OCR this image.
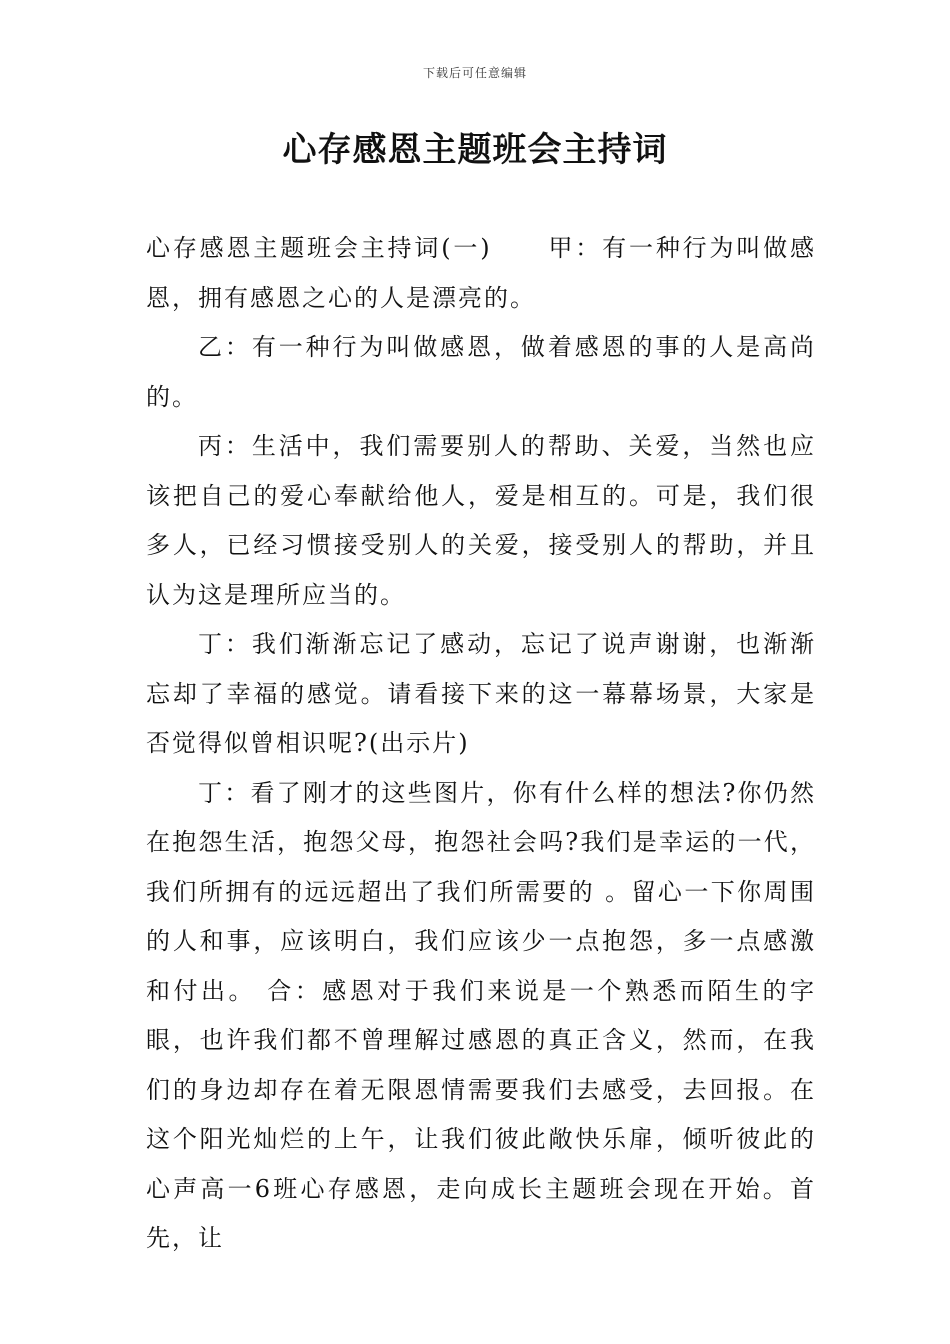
下载后可任意编辑
心存感恩主题班会主持词

心存感恩主题班会主持词(一) 甲：有一种行为叫做感恩，拥有感恩之心的人是漂亮的。

乙：有一种行为叫做感恩，做着感恩的事的人是高尚的。

丙：生活中，我们需要别人的帮助、关爱，当然也应该把自己的爱心奉献给他人，爱是相互的。可是，我们很多人，已经习惯接受别人的关爱，接受别人的帮助，并且认为这是理所应当的。

丁：我们渐渐忘记了感动，忘记了说声谢谢，也渐渐忘却了幸福的感觉。请看接下来的这一幕幕场景，大家是否觉得似曾相识呢?(出示片)

丁：看了刚才的这些图片，你有什么样的想法?你仍然在抱怨生活，抱怨父母，抱怨社会吗?我们是幸运的一代，我们所拥有的远远超出了我们所需要的 。留心一下你周围的人和事，应该明白，我们应该少一点抱怨，多一点感激和付出。 合：感恩对于我们来说是一个熟悉而陌生的字眼，也许我们都不曾理解过感恩的真正含义，然而，在我们的身边却存在着无限恩情需要我们去感受，去回报。在这个阳光灿烂的上午，让我们彼此敞快乐扉，倾听彼此的心声高一6班心存感恩，走向成长主题班会现在开始。首先，让
